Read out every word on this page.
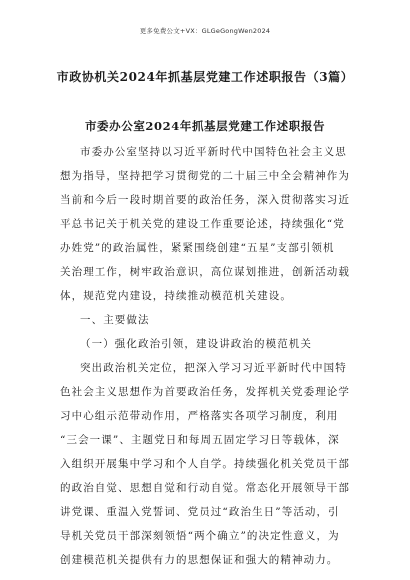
更多免费公文+VX：GLGeGongWen2024
市政协机关2024年抓基层党建工作述职报告（3篇）
市委办公室2024年抓基层党建工作述职报告
市委办公室坚持以习近平新时代中国特色社会主义思
想为指导，坚持把学习贯彻党的二十届三中全会精神作为
当前和今后一段时期首要的政治任务，深入贯彻落实习近
平总书记关于机关党的建设工作重要论述，持续强化“党
办姓党”的政治属性，紧紧围绕创建“五星”支部引领机
关治理工作，树牢政治意识，高位谋划推进，创新活动载
体，规范党内建设，持续推动模范机关建设。
一、主要做法
（一）强化政治引领，建设讲政治的模范机关
突出政治机关定位，把深入学习习近平新时代中国特
色社会主义思想作为首要政治任务，发挥机关党委理论学
习中心组示范带动作用，严格落实各项学习制度，利用
“三会一课”、主题党日和每周五固定学习日等载体，深
入组织开展集中学习和个人自学。持续强化机关党员干部
的政治自觉、思想自觉和行动自觉。常态化开展领导干部
讲党课、重温入党誓词、党员过“政治生日”等活动，引
导机关党员干部深刻领悟“两个确立”的决定性意义，为
创建模范机关提供有力的思想保证和强大的精神动力。
